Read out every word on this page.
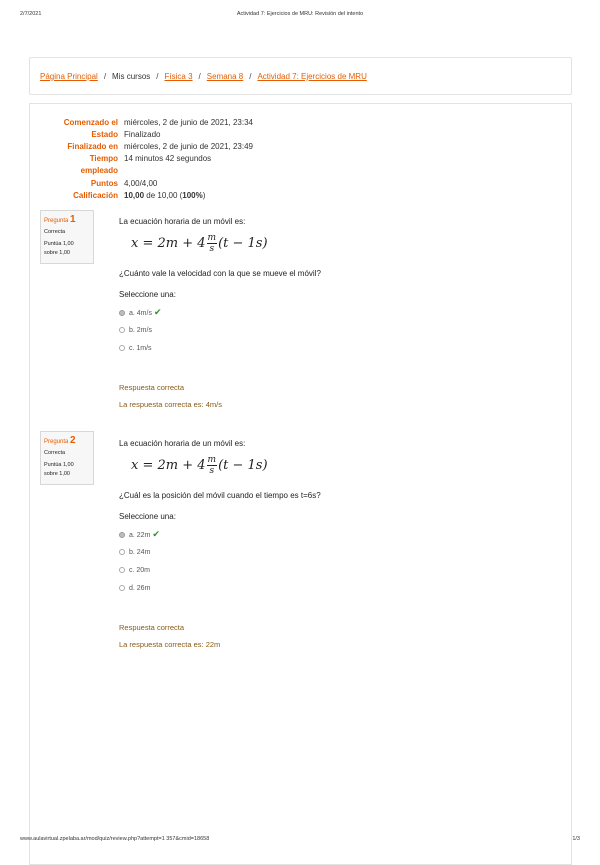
2/7/2021	Actividad 7: Ejercicios de MRU: Revisión del intento
Página Principal / Mis cursos / Física 3 / Semana 8 / Actividad 7: Ejercicios de MRU
Comenzado el miércoles, 2 de junio de 2021, 23:34
Estado Finalizado
Finalizado en miércoles, 2 de junio de 2021, 23:49
Tiempo
empleado
14 minutos 42 segundos
Puntos 4,00/4,00
Calificación 10,00 de 10,00 (100%)
Pregunta 1
Correcta
Puntúa 1,00
sobre 1,00
La ecuación horaria de un móvil es:
$x = 2m + 4 \frac{m}{s} (t - 1s)$
¿Cuánto vale la velocidad con la que se mueve el móvil?
Seleccione una:
a. 4m/s ✔
b. 2m/s
c. 1m/s
Respuesta correcta
La respuesta correcta es: 4m/s
Pregunta 2
Correcta
Puntúa 1,00
sobre 1,00
La ecuación horaria de un móvil es:
$x = 2m + 4 \frac{m}{s} (t - 1s)$
¿Cuál es la posición del móvil cuando el tiempo es t=6s?
Seleccione una:
a. 22m ✔
b. 24m
c. 20m
d. 26m
Respuesta correcta
La respuesta correcta es: 22m
www.aulavirtual.zpelaba.ar/mod/quiz/review.php?attempt=1 357&cmid=18658	1/3
